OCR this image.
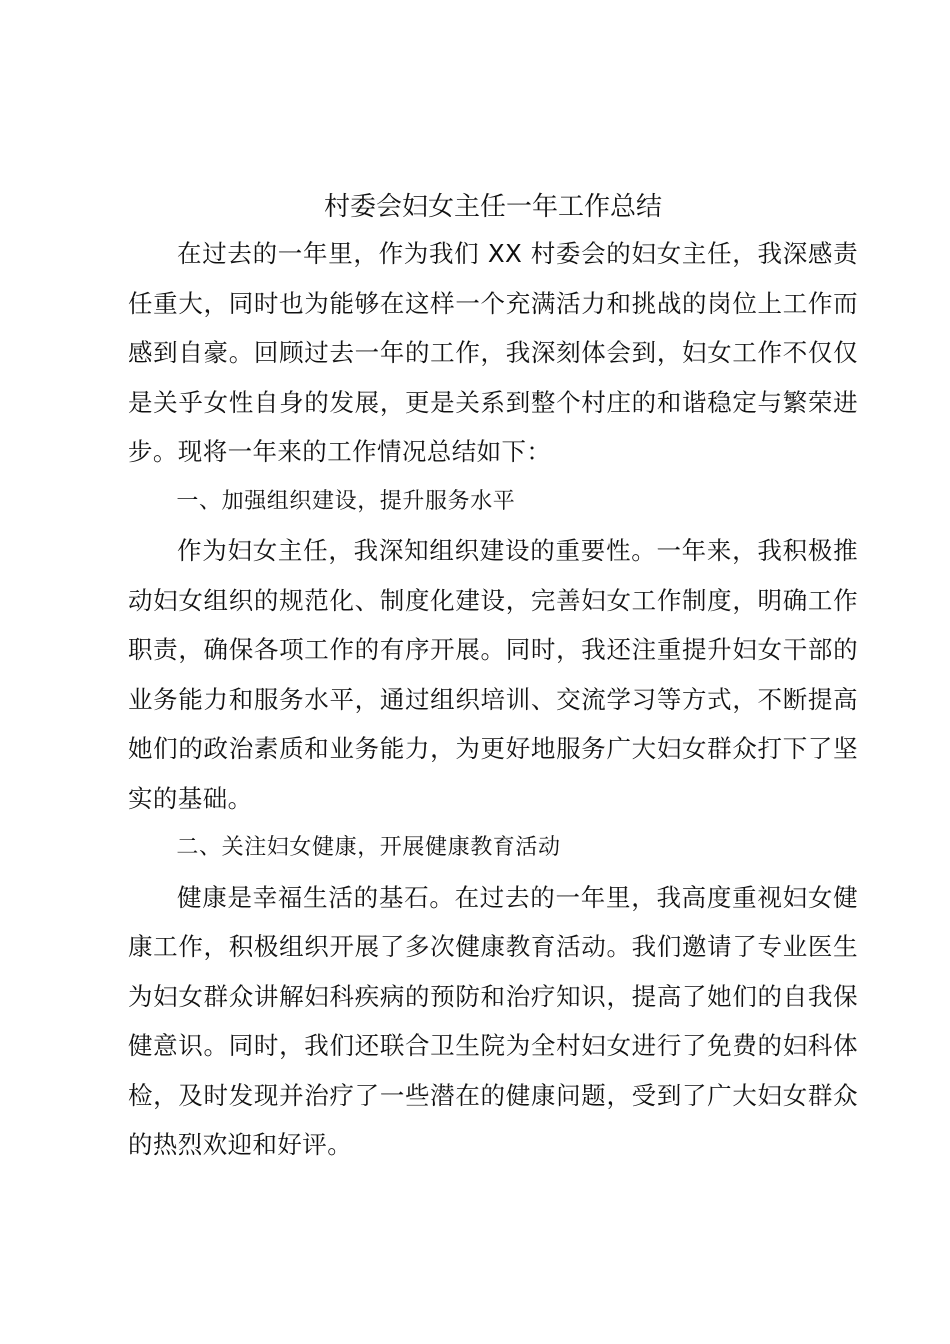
村委会妇女主任一年工作总结

在过去的一年里，作为我们 XX 村委会的妇女主任，我深感责任重大，同时也为能够在这样一个充满活力和挑战的岗位上工作而感到自豪。回顾过去一年的工作，我深刻体会到，妇女工作不仅仅是关乎女性自身的发展，更是关系到整个村庄的和谐稳定与繁荣进步。现将一年来的工作情况总结如下：

一、加强组织建设，提升服务水平

作为妇女主任，我深知组织建设的重要性。一年来，我积极推动妇女组织的规范化、制度化建设，完善妇女工作制度，明确工作职责，确保各项工作的有序开展。同时，我还注重提升妇女干部的业务能力和服务水平，通过组织培训、交流学习等方式，不断提高她们的政治素质和业务能力，为更好地服务广大妇女群众打下了坚实的基础。

二、关注妇女健康，开展健康教育活动

健康是幸福生活的基石。在过去的一年里，我高度重视妇女健康工作，积极组织开展了多次健康教育活动。我们邀请了专业医生为妇女群众讲解妇科疾病的预防和治疗知识，提高了她们的自我保健意识。同时，我们还联合卫生院为全村妇女进行了免费的妇科体检，及时发现并治疗了一些潜在的健康问题，受到了广大妇女群众的热烈欢迎和好评。
